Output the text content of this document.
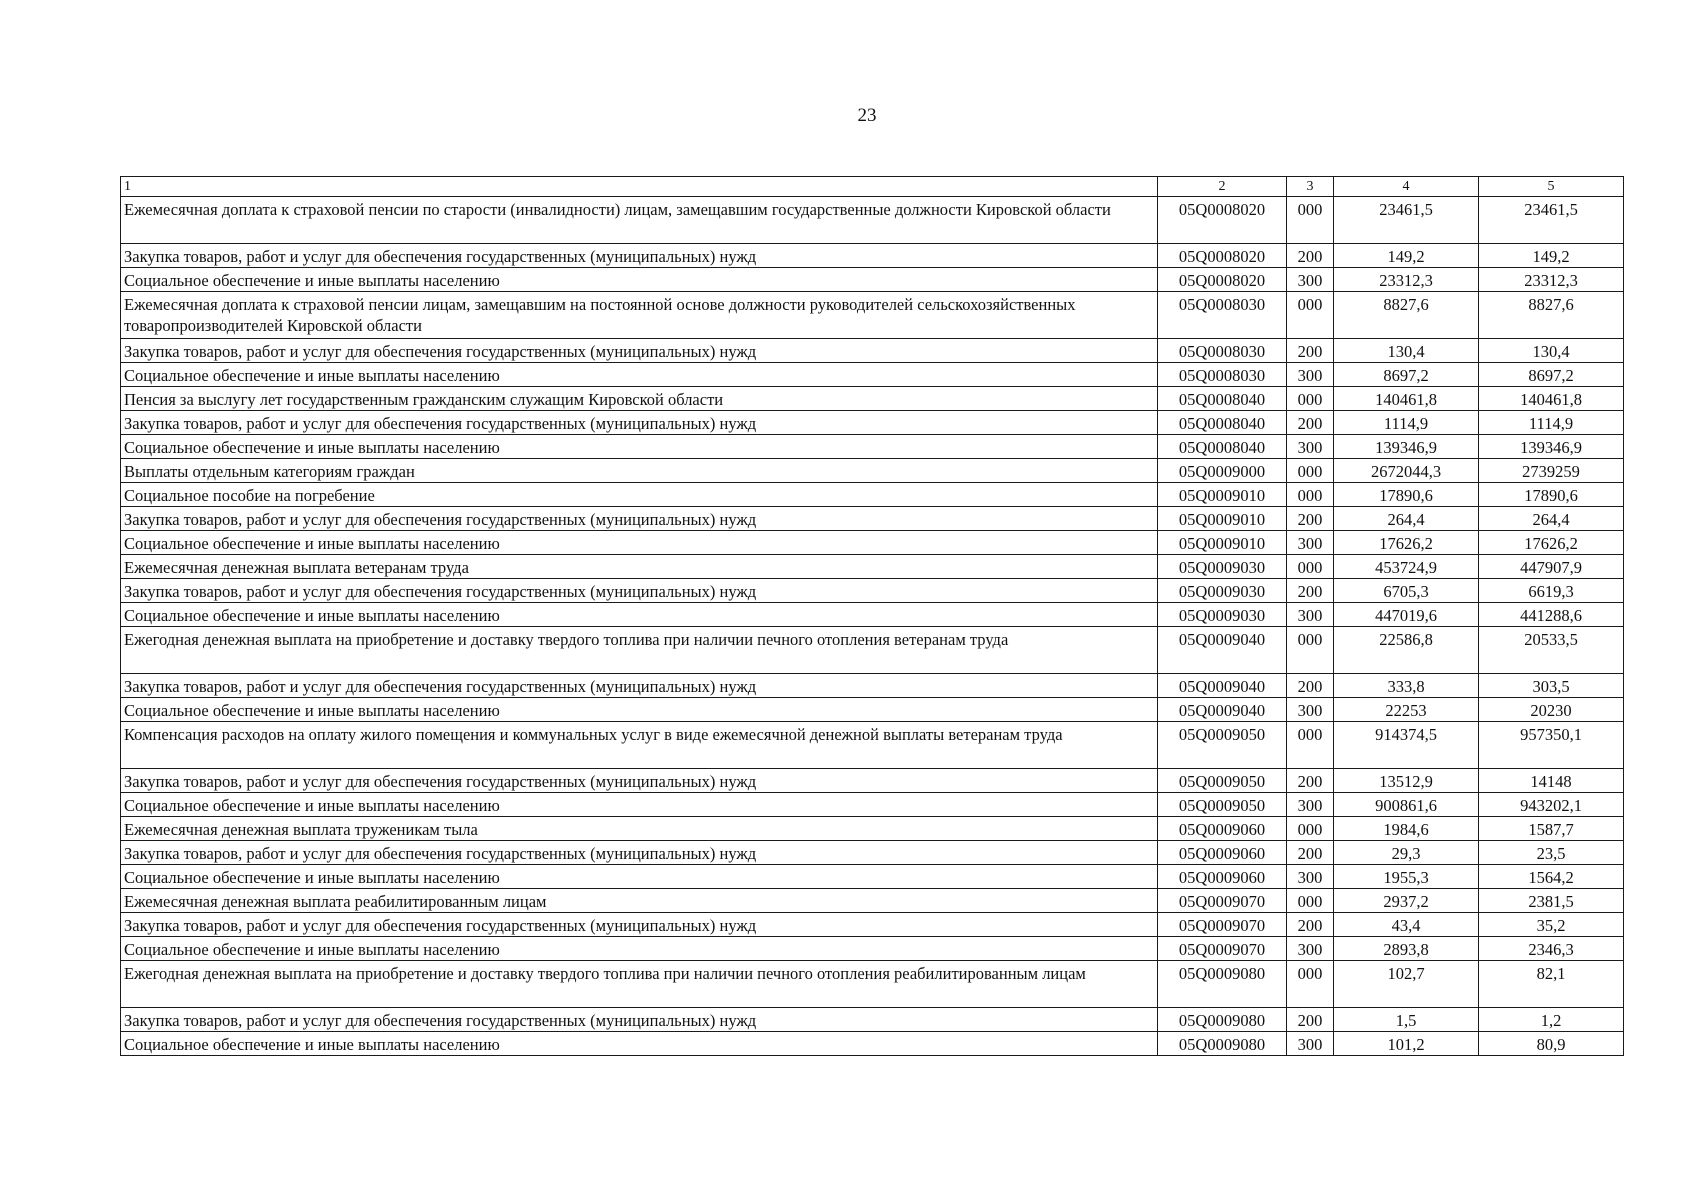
23
1	2	3	4	5
Ежемесячная доплата к страховой пенсии по старости (инвалидности) лицам, замещавшим государственные должности Кировской области	05Q0008020	000	23461,5	23461,5
Закупка товаров, работ и услуг для обеспечения государственных (муниципальных) нужд	05Q0008020	200	149,2	149,2
Социальное обеспечение и иные выплаты населению	05Q0008020	300	23312,3	23312,3
Ежемесячная доплата к страховой пенсии лицам, замещавшим на постоянной основе должности руководителей сельскохозяйственных товаропроизводителей Кировской области	05Q0008030	000	8827,6	8827,6
Закупка товаров, работ и услуг для обеспечения государственных (муниципальных) нужд	05Q0008030	200	130,4	130,4
Социальное обеспечение и иные выплаты населению	05Q0008030	300	8697,2	8697,2
Пенсия за выслугу лет государственным гражданским служащим Кировской области	05Q0008040	000	140461,8	140461,8
Закупка товаров, работ и услуг для обеспечения государственных (муниципальных) нужд	05Q0008040	200	1114,9	1114,9
Социальное обеспечение и иные выплаты населению	05Q0008040	300	139346,9	139346,9
Выплаты отдельным категориям граждан	05Q0009000	000	2672044,3	2739259
Социальное пособие на погребение	05Q0009010	000	17890,6	17890,6
Закупка товаров, работ и услуг для обеспечения государственных (муниципальных) нужд	05Q0009010	200	264,4	264,4
Социальное обеспечение и иные выплаты населению	05Q0009010	300	17626,2	17626,2
Ежемесячная денежная выплата ветеранам труда	05Q0009030	000	453724,9	447907,9
Закупка товаров, работ и услуг для обеспечения государственных (муниципальных) нужд	05Q0009030	200	6705,3	6619,3
Социальное обеспечение и иные выплаты населению	05Q0009030	300	447019,6	441288,6
Ежегодная денежная выплата на приобретение и доставку твердого топлива при наличии печного отопления ветеранам труда	05Q0009040	000	22586,8	20533,5
Закупка товаров, работ и услуг для обеспечения государственных (муниципальных) нужд	05Q0009040	200	333,8	303,5
Социальное обеспечение и иные выплаты населению	05Q0009040	300	22253	20230
Компенсация расходов на оплату жилого помещения и коммунальных услуг в виде ежемесячной денежной выплаты ветеранам труда	05Q0009050	000	914374,5	957350,1
Закупка товаров, работ и услуг для обеспечения государственных (муниципальных) нужд	05Q0009050	200	13512,9	14148
Социальное обеспечение и иные выплаты населению	05Q0009050	300	900861,6	943202,1
Ежемесячная денежная выплата труженикам тыла	05Q0009060	000	1984,6	1587,7
Закупка товаров, работ и услуг для обеспечения государственных (муниципальных) нужд	05Q0009060	200	29,3	23,5
Социальное обеспечение и иные выплаты населению	05Q0009060	300	1955,3	1564,2
Ежемесячная денежная выплата реабилитированным лицам	05Q0009070	000	2937,2	2381,5
Закупка товаров, работ и услуг для обеспечения государственных (муниципальных) нужд	05Q0009070	200	43,4	35,2
Социальное обеспечение и иные выплаты населению	05Q0009070	300	2893,8	2346,3
Ежегодная денежная выплата на приобретение и доставку твердого топлива при наличии печного отопления реабилитированным лицам	05Q0009080	000	102,7	82,1
Закупка товаров, работ и услуг для обеспечения государственных (муниципальных) нужд	05Q0009080	200	1,5	1,2
Социальное обеспечение и иные выплаты населению	05Q0009080	300	101,2	80,9
